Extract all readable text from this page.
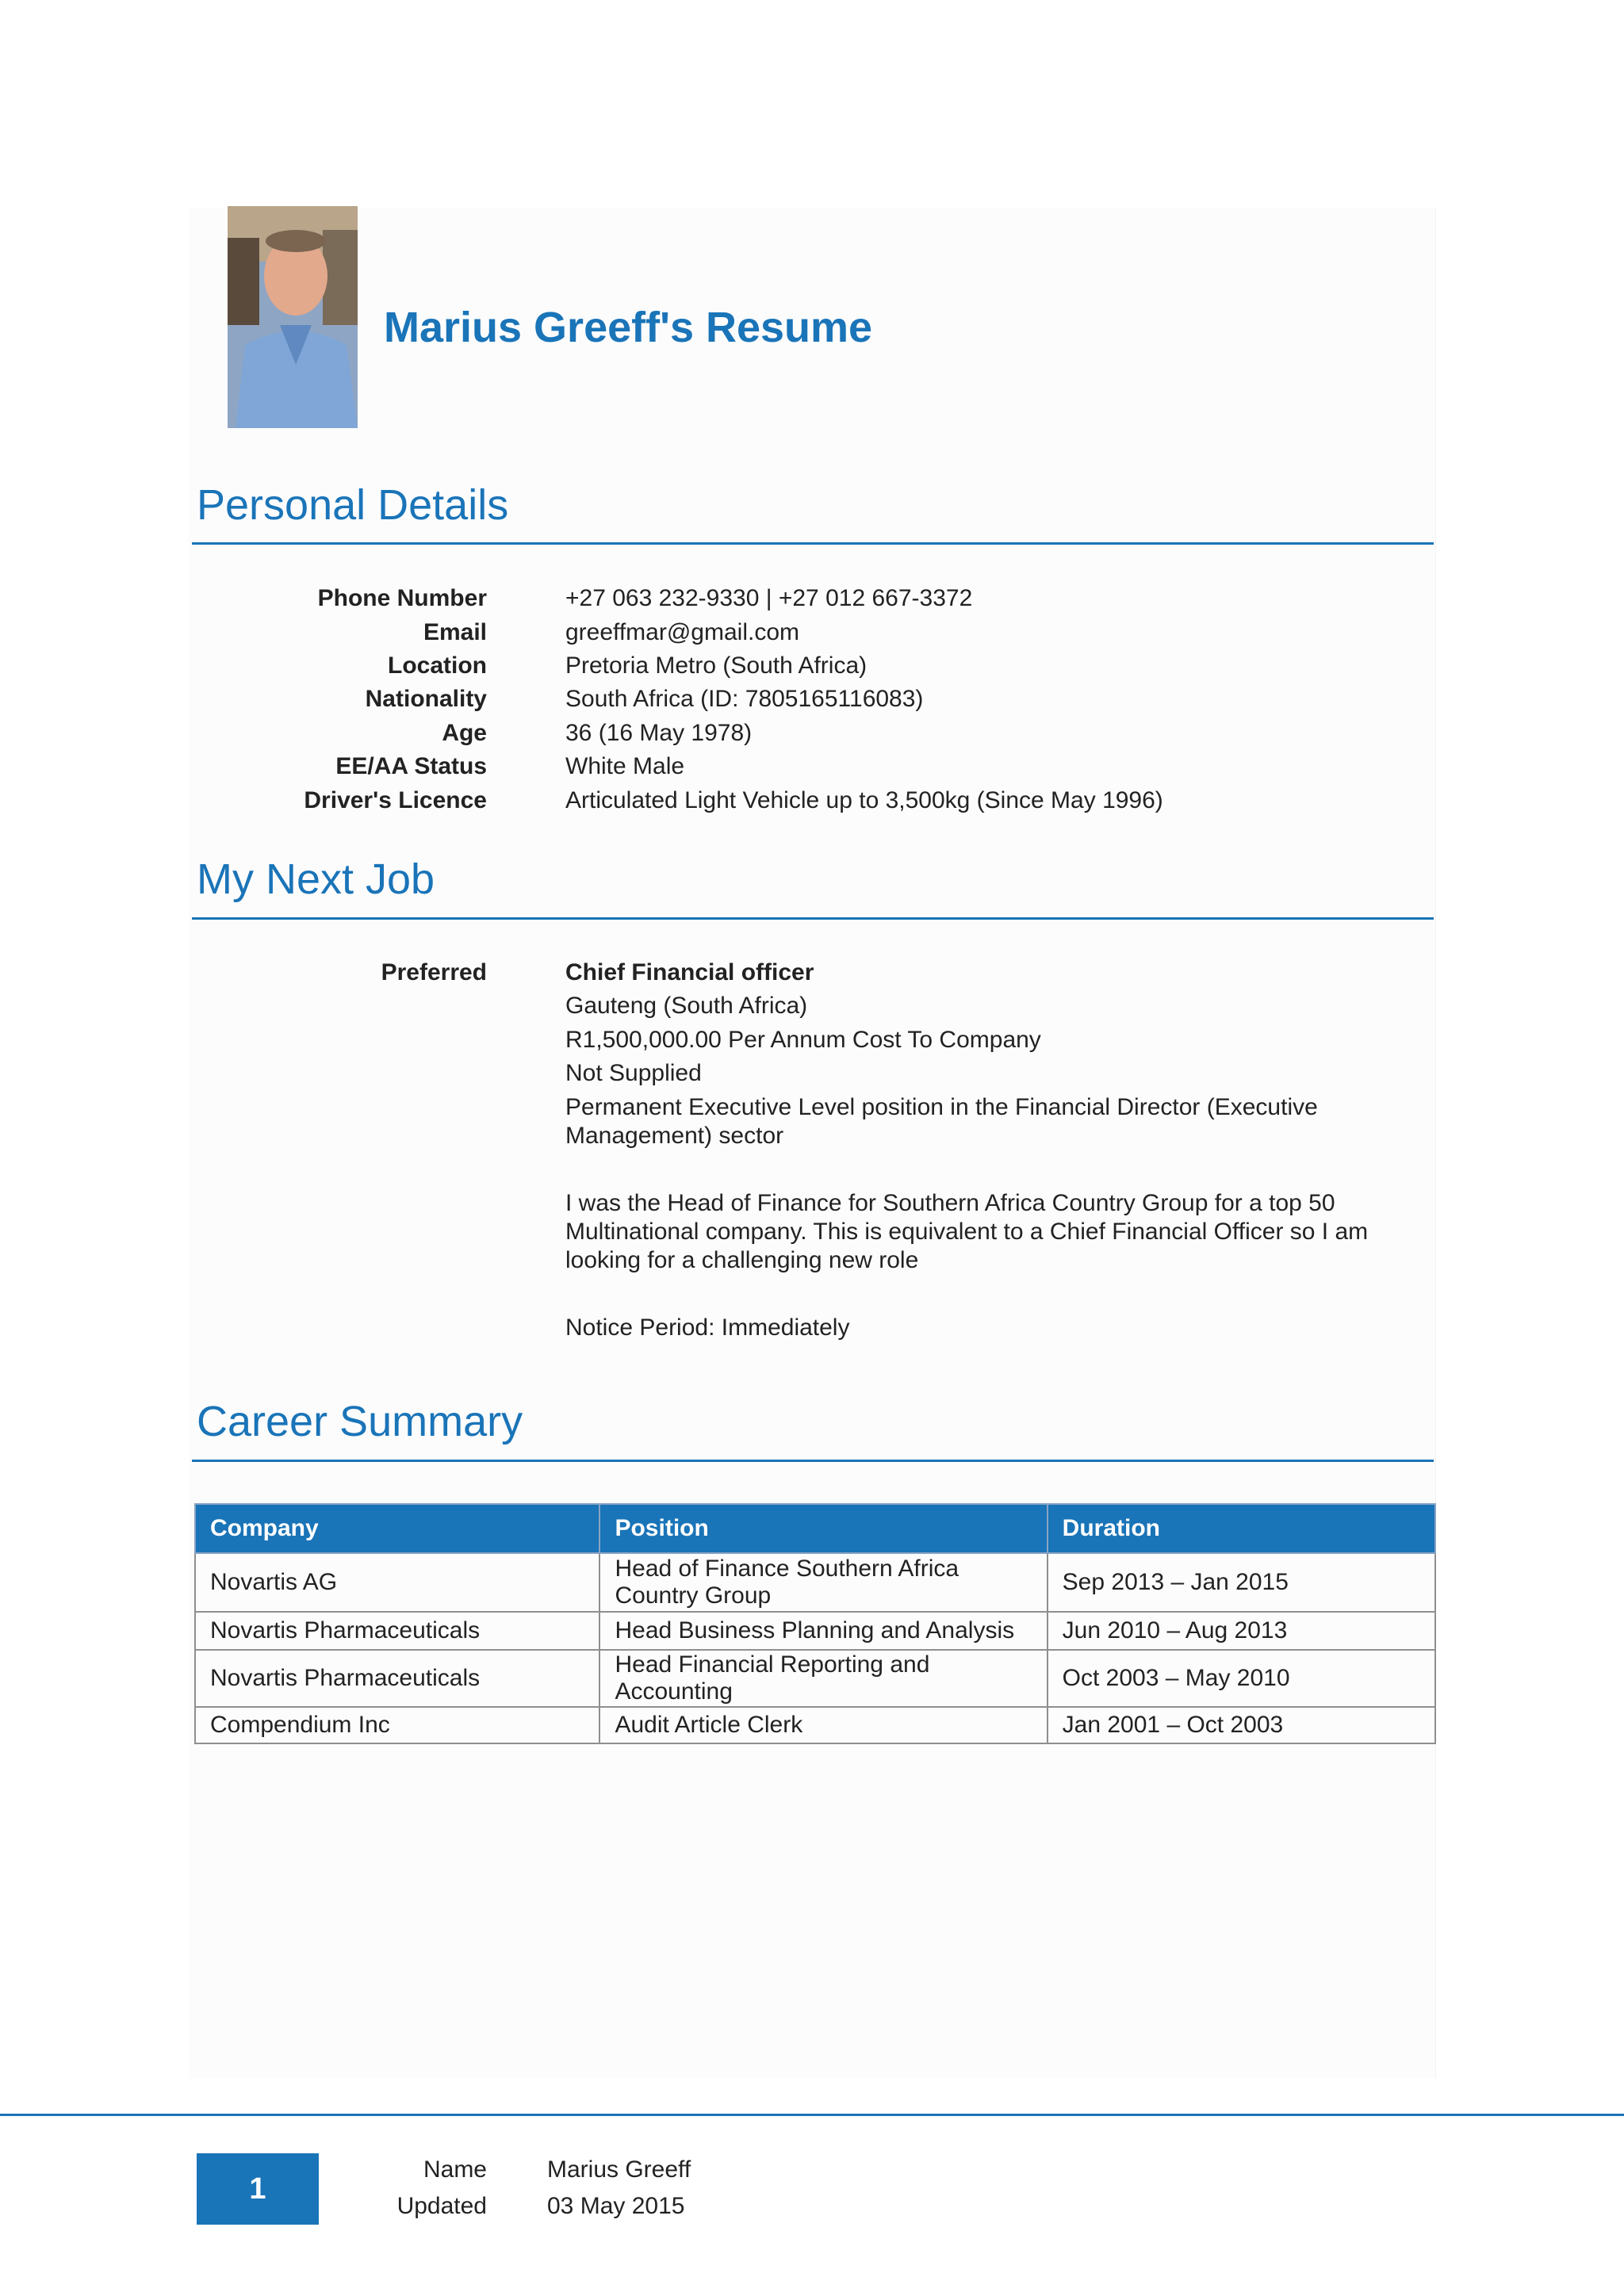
Marius Greeff's Resume
Personal Details
Phone Number	+27 063 232-9330 | +27 012 667-3372
Email	greeffmar@gmail.com
Location	Pretoria Metro (South Africa)
Nationality	South Africa (ID: 7805165116083)
Age	36 (16 May 1978)
EE/AA Status	White Male
Driver's Licence	Articulated Light Vehicle up to 3,500kg (Since May 1996)
My Next Job
Preferred	Chief Financial officer
Gauteng (South Africa)
R1,500,000.00 Per Annum Cost To Company
Not Supplied
Permanent Executive Level position in the Financial Director (Executive Management) sector
I was the Head of Finance for Southern Africa Country Group for a top 50 Multinational company. This is equivalent to a Chief Financial Officer so I am looking for a challenging new role
Notice Period: Immediately
Career Summary
Company	Position	Duration
Novartis AG	Head of Finance Southern Africa Country Group	Sep 2013 – Jan 2015
Novartis Pharmaceuticals	Head Business Planning and Analysis	Jun 2010 – Aug 2013
Novartis Pharmaceuticals	Head Financial Reporting and Accounting	Oct 2003 – May 2010
Compendium Inc	Audit Article Clerk	Jan 2001 – Oct 2003
1
Name	Marius Greeff
Updated	03 May 2015
